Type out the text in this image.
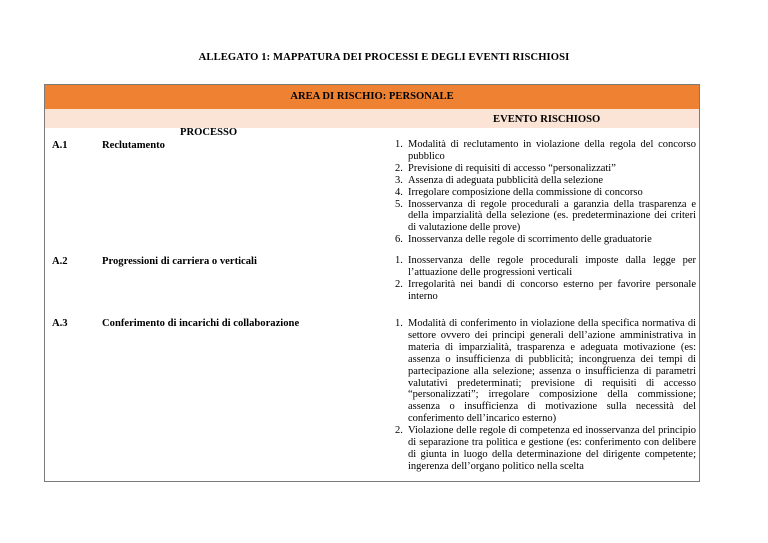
ALLEGATO 1: MAPPATURA DEI PROCESSI E DEGLI EVENTI RISCHIOSI
AREA DI RISCHIO: PERSONALE
PROCESSO
EVENTO RISCHIOSO
A.1	Reclutamento	1. Modalità di reclutamento in violazione della regola del concorso pubblico
2. Previsione di requisiti di accesso “personalizzati”
3. Assenza di adeguata pubblicità della selezione
4. Irregolare composizione della commissione di concorso
5. Inosservanza di regole procedurali a garanzia della trasparenza e della imparzialità della selezione (es. predeterminazione dei criteri di valutazione delle prove)
6. Inosservanza delle regole di scorrimento delle graduatorie
A.2	Progressioni di carriera o verticali	1. Inosservanza delle regole procedurali imposte dalla legge per l’attuazione delle progressioni verticali
2. Irregolarità nei bandi di concorso esterno per favorire personale interno
A.3	Conferimento di incarichi di collaborazione	1. Modalità di conferimento in violazione della specifica normativa di settore ovvero dei principi generali dell’azione amministrativa in materia di imparzialità, trasparenza e adeguata motivazione (es: assenza o insufficienza di pubblicità; incongruenza dei tempi di partecipazione alla selezione; assenza o insufficienza di parametri valutativi predeterminati; previsione di requisiti di accesso “personalizzati”; irregolare composizione della commissione; assenza o insufficienza di motivazione sulla necessità del conferimento dell’incarico esterno)
2. Violazione delle regole di competenza ed inosservanza del principio di separazione tra politica e gestione (es: conferimento con delibere di giunta in luogo della determinazione del dirigente competente; ingerenza dell’organo politico nella scelta
